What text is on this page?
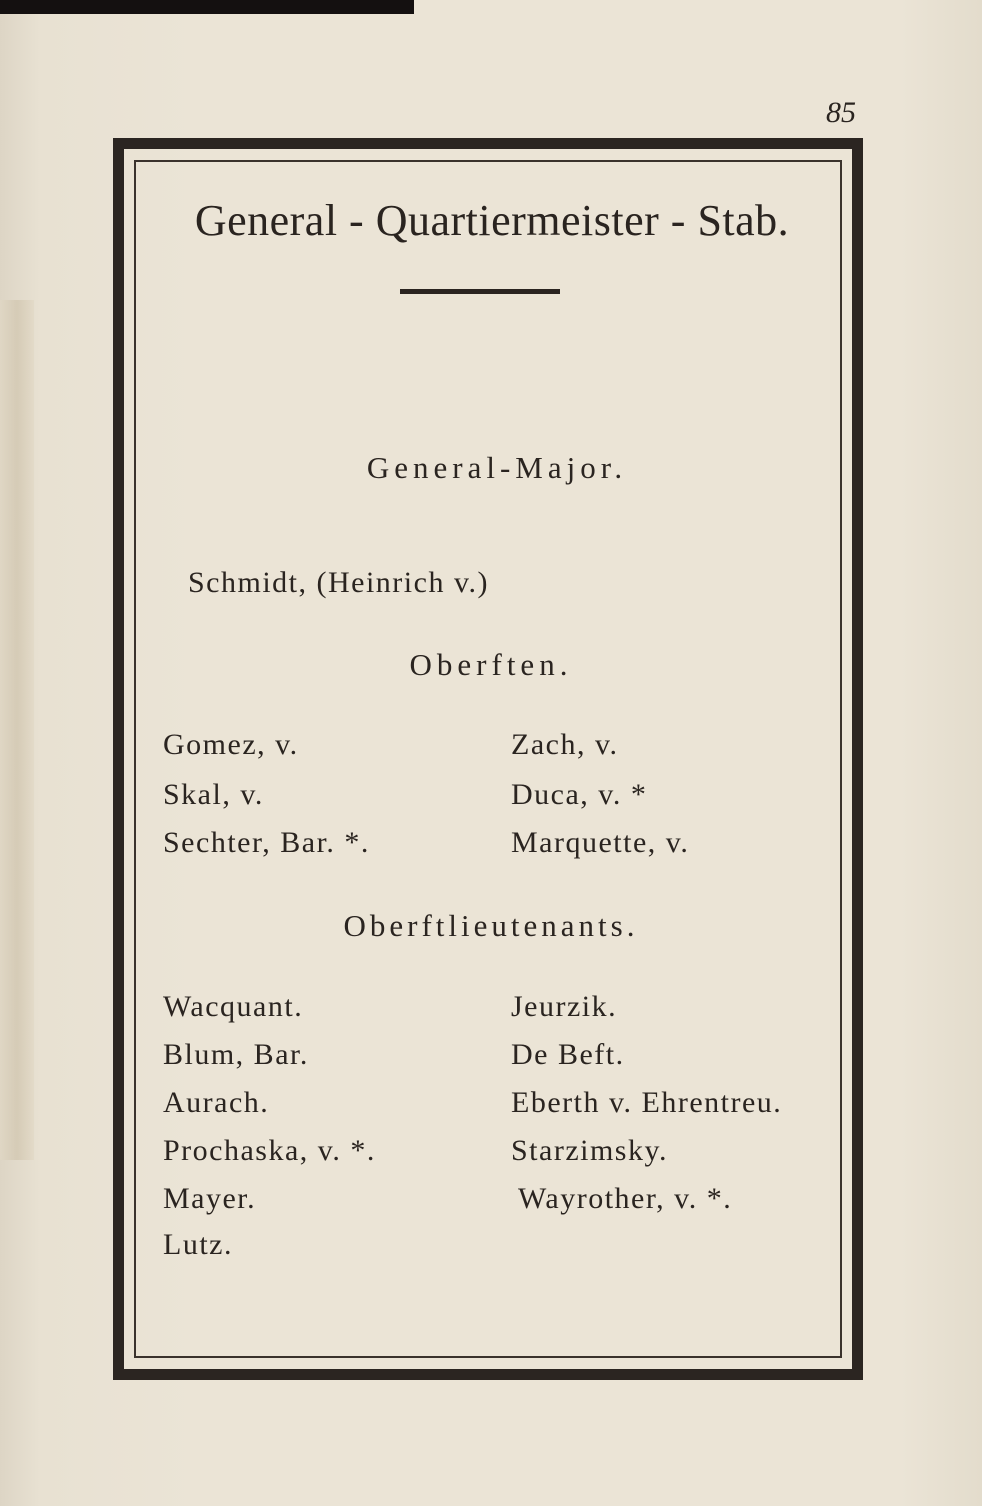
85
General - Quartiermeister - Stab.
General-Major.
Schmidt, (Heinrich v.)
Oberften.
Gomez, v.
Skal, v.
Sechter, Bar. *.
Zach, v.
Duca, v. *
Marquette, v.
Oberftlieutenants.
Wacquant.
Blum, Bar.
Aurach.
Prochaska, v. *.
Mayer.
Lutz.
Jeurzik.
De Beft.
Eberth v. Ehrentreu.
Starzimsky.
Wayrother, v. *.
